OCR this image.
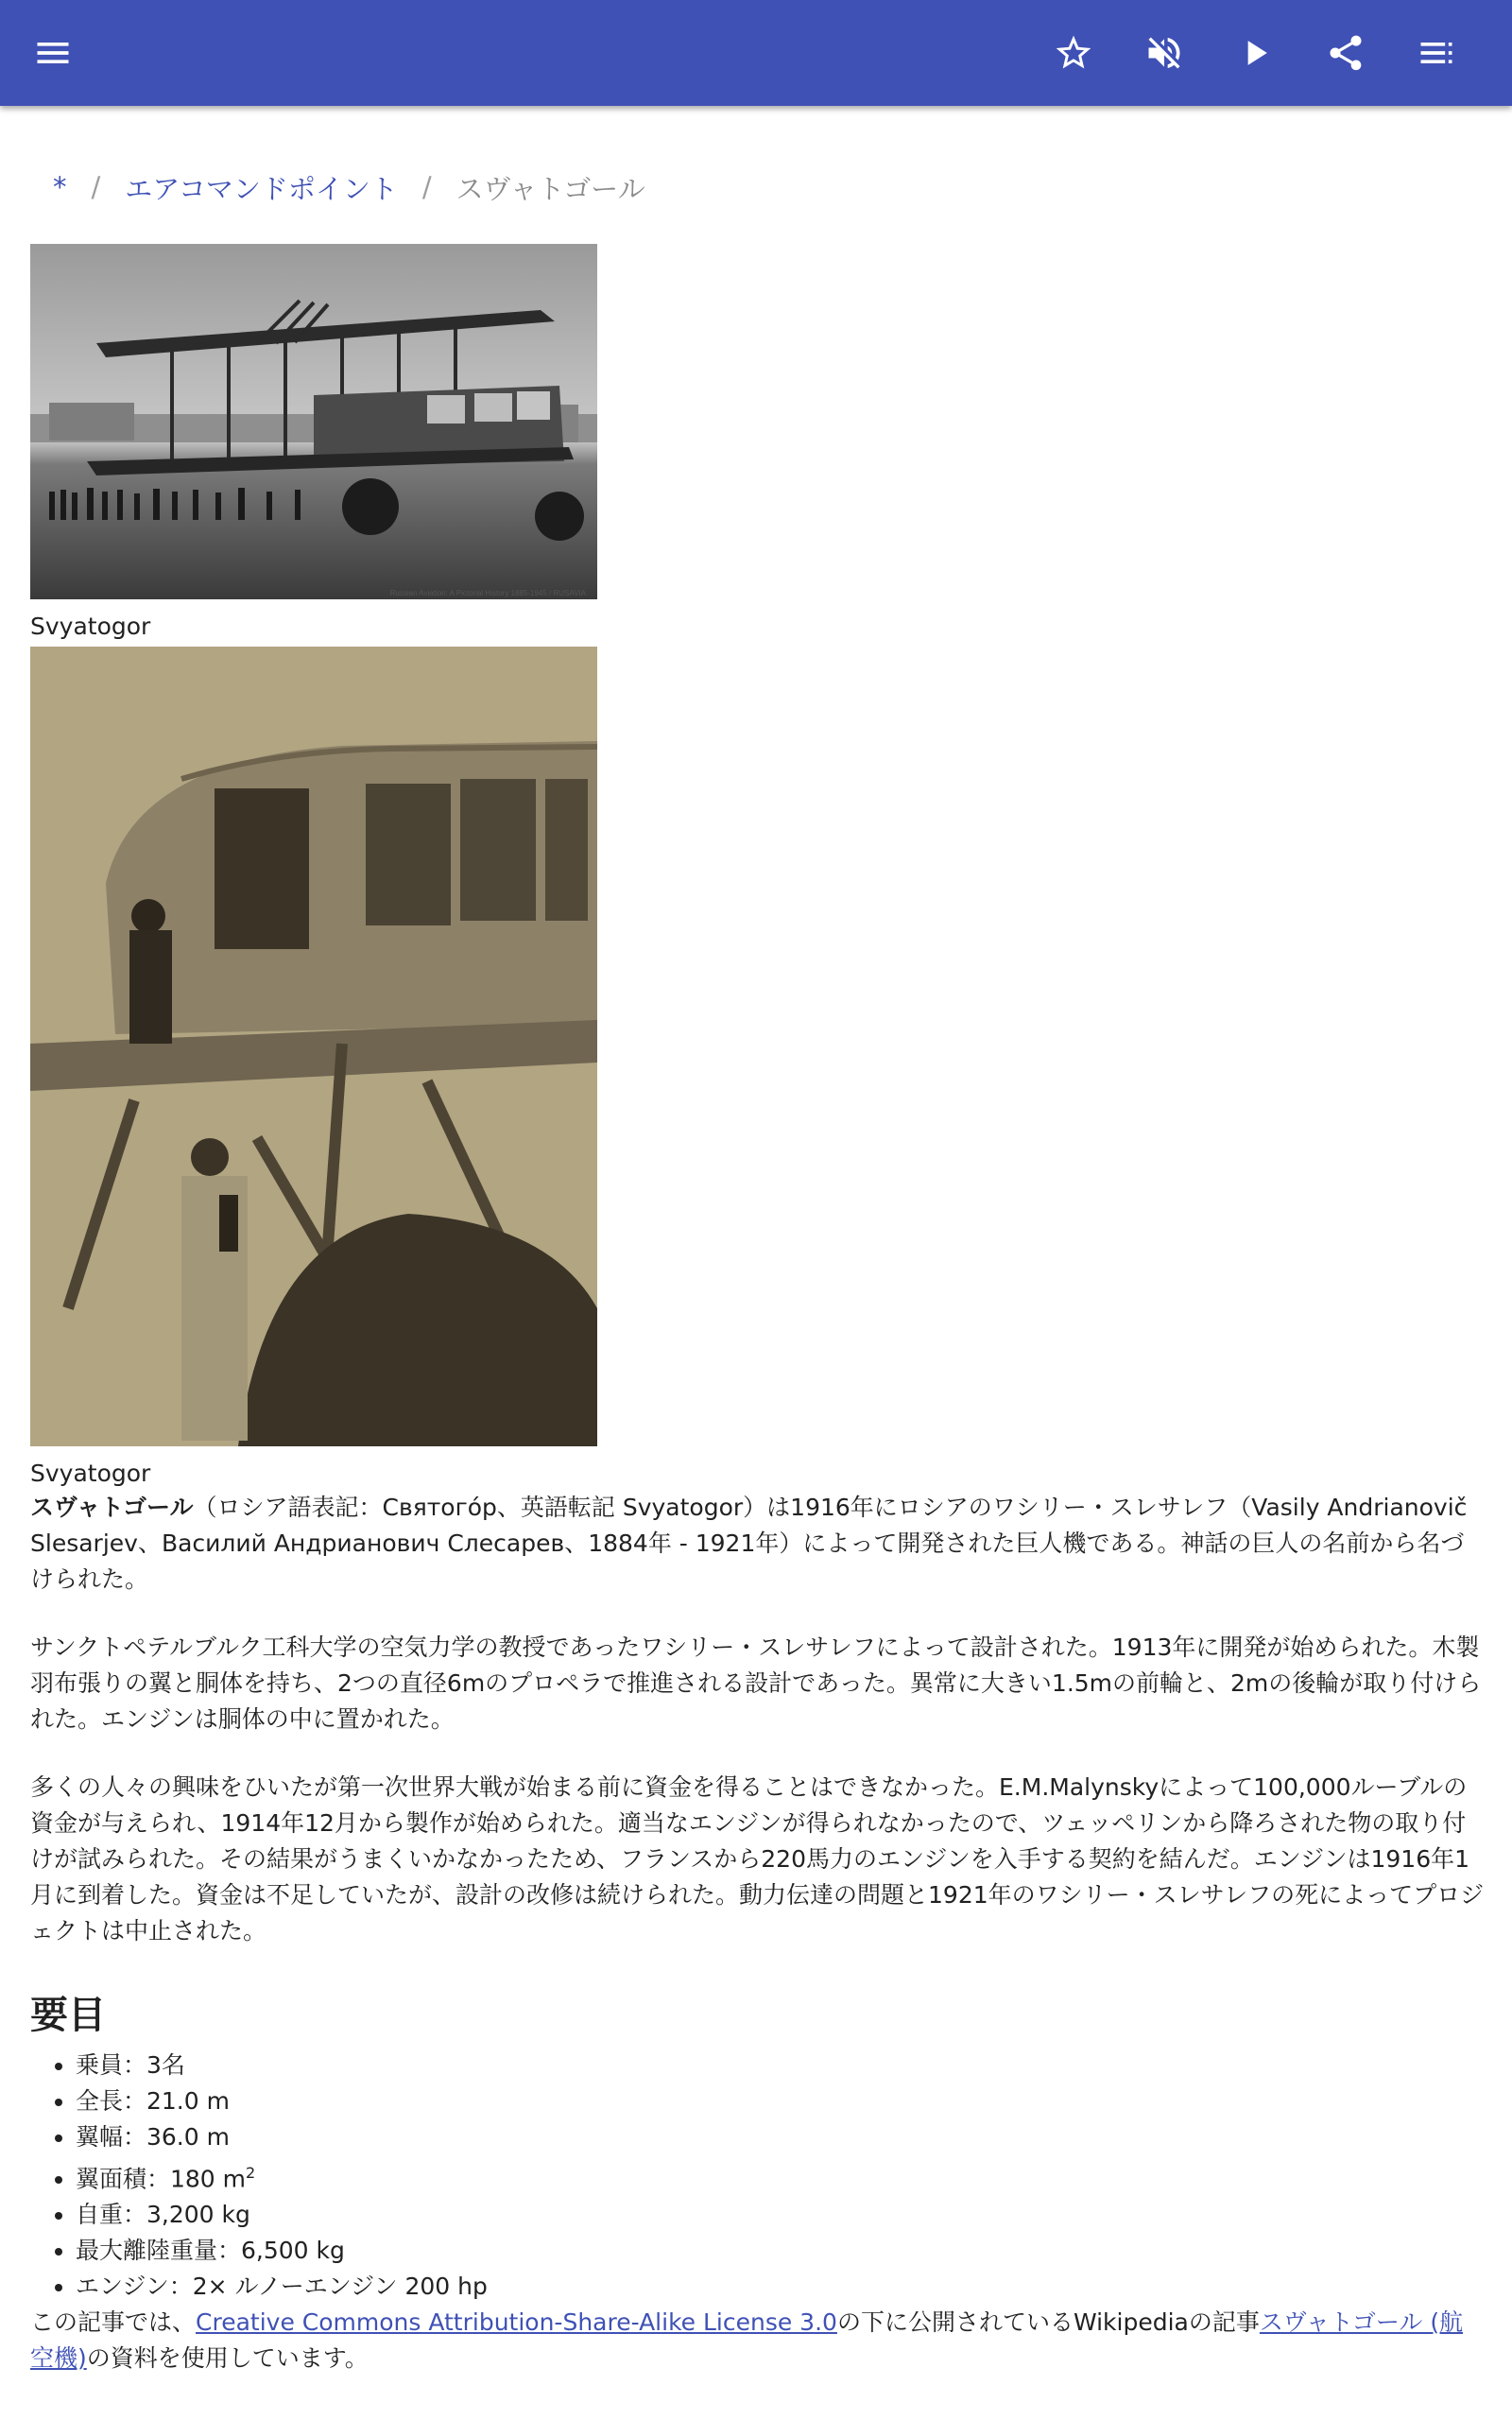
* / エアコマンドポイント / スヴャトゴール
Russian Aviation: A Pictorial History 1885-1945 / RUSAVIA
Svyatogor
Svyatogor

スヴャトゴール（ロシア語表記：Святогóр、英語転記 Svyatogor）は1916年にロシアのワシリー・スレサレフ（Vasily Andrianovič Slesarjev、Василий Андрианович Слесарев、1884年 - 1921年）によって開発された巨人機である。神話の巨人の名前から名づけられた。

サンクトペテルブルク工科大学の空気力学の教授であったワシリー・スレサレフによって設計された。1913年に開発が始められた。木製羽布張りの翼と胴体を持ち、2つの直径6mのプロペラで推進される設計であった。異常に大きい1.5mの前輪と、2mの後輪が取り付けられた。エンジンは胴体の中に置かれた。

多くの人々の興味をひいたが第一次世界大戦が始まる前に資金を得ることはできなかった。E.M.Malynskyによって100,000ルーブルの資金が与えられ、1914年12月から製作が始められた。適当なエンジンが得られなかったので、ツェッペリンから降ろされた物の取り付けが試みられた。その結果がうまくいかなかったため、フランスから220馬力のエンジンを入手する契約を結んだ。エンジンは1916年1月に到着した。資金は不足していたが、設計の改修は続けられた。動力伝達の問題と1921年のワシリー・スレサレフの死によってプロジェクトは中止された。

要目
• 乗員：3名
• 全長：21.0 m
• 翼幅：36.0 m
• 翼面積：180 $m^2$
• 自重：3,200 kg
• 最大離陸重量：6,500 kg
• エンジン：2× ルノーエンジン 200 hp

この記事では、Creative Commons Attribution-Share-Alike License 3.0の下に公開されているWikipediaの記事スヴャトゴール (航空機)の資料を使用しています。
